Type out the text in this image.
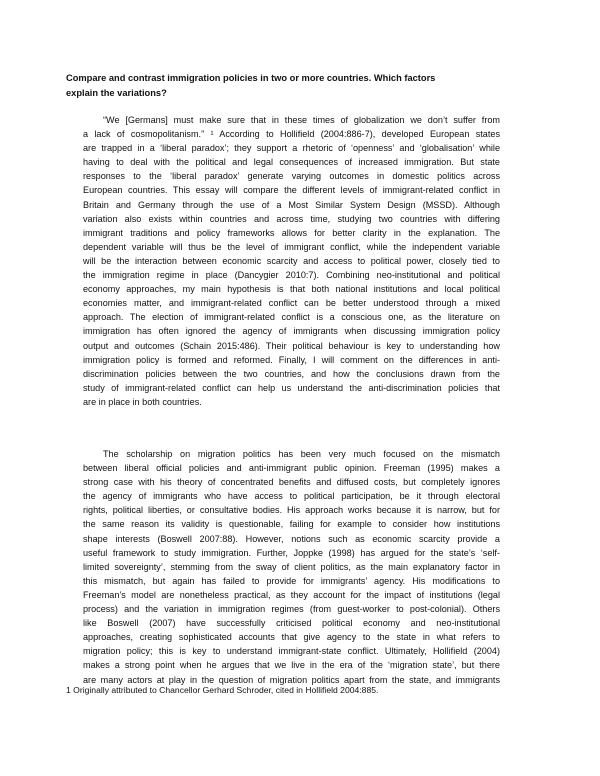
Compare and contrast immigration policies in two or more countries. Which factors
explain the variations?
“We [Germans] must make sure that in these times of globalization we don’t suffer from
a lack of cosmopolitanism.” ¹ According to Hollifield (2004:886-7), developed European states
are trapped in a ‘liberal paradox’; they support a rhetoric of ‘openness’ and ‘globalisation’ while
having to deal with the political and legal consequences of increased immigration. But state
responses to the ‘liberal paradox’ generate varying outcomes in domestic politics across
European countries. This essay will compare the different levels of immigrant-related conflict in
Britain and Germany through the use of a Most Similar System Design (MSSD). Although
variation also exists within countries and across time, studying two countries with differing
immigrant traditions and policy frameworks allows for better clarity in the explanation. The
dependent variable will thus be the level of immigrant conflict, while the independent variable
will be the interaction between economic scarcity and access to political power, closely tied to
the immigration regime in place (Dancygier 2010:7). Combining neo-institutional and political
economy approaches, my main hypothesis is that both national institutions and local political
economies matter, and immigrant-related conflict can be better understood through a mixed
approach. The election of immigrant-related conflict is a conscious one, as the literature on
immigration has often ignored the agency of immigrants when discussing immigration policy
output and outcomes (Schain 2015:486). Their political behaviour is key to understanding how
immigration policy is formed and reformed. Finally, I will comment on the differences in anti-
discrimination policies between the two countries, and how the conclusions drawn from the
study of immigrant-related conflict can help us understand the anti-discrimination policies that
are in place in both countries.
The scholarship on migration politics has been very much focused on the mismatch
between liberal official policies and anti-immigrant public opinion. Freeman (1995) makes a
strong case with his theory of concentrated benefits and diffused costs, but completely ignores
the agency of immigrants who have access to political participation, be it through electoral
rights, political liberties, or consultative bodies. His approach works because it is narrow, but for
the same reason its validity is questionable, failing for example to consider how institutions
shape interests (Boswell 2007:88). However, notions such as economic scarcity provide a
useful framework to study immigration. Further, Joppke (1998) has argued for the state’s ‘self-
limited sovereignty’, stemming from the sway of client politics, as the main explanatory factor in
this mismatch, but again has failed to provide for immigrants’ agency. His modifications to
Freeman’s model are nonetheless practical, as they account for the impact of institutions (legal
process) and the variation in immigration regimes (from guest-worker to post-colonial). Others
like Boswell (2007) have successfully criticised political economy and neo-institutional
approaches, creating sophisticated accounts that give agency to the state in what refers to
migration policy; this is key to understand immigrant-state conflict. Ultimately, Hollifield (2004)
makes a strong point when he argues that we live in the era of the ‘migration state’, but there
are many actors at play in the question of migration politics apart from the state, and immigrants
1 Originally attributed to Chancellor Gerhard Schroder, cited in Hollifield 2004:885.
